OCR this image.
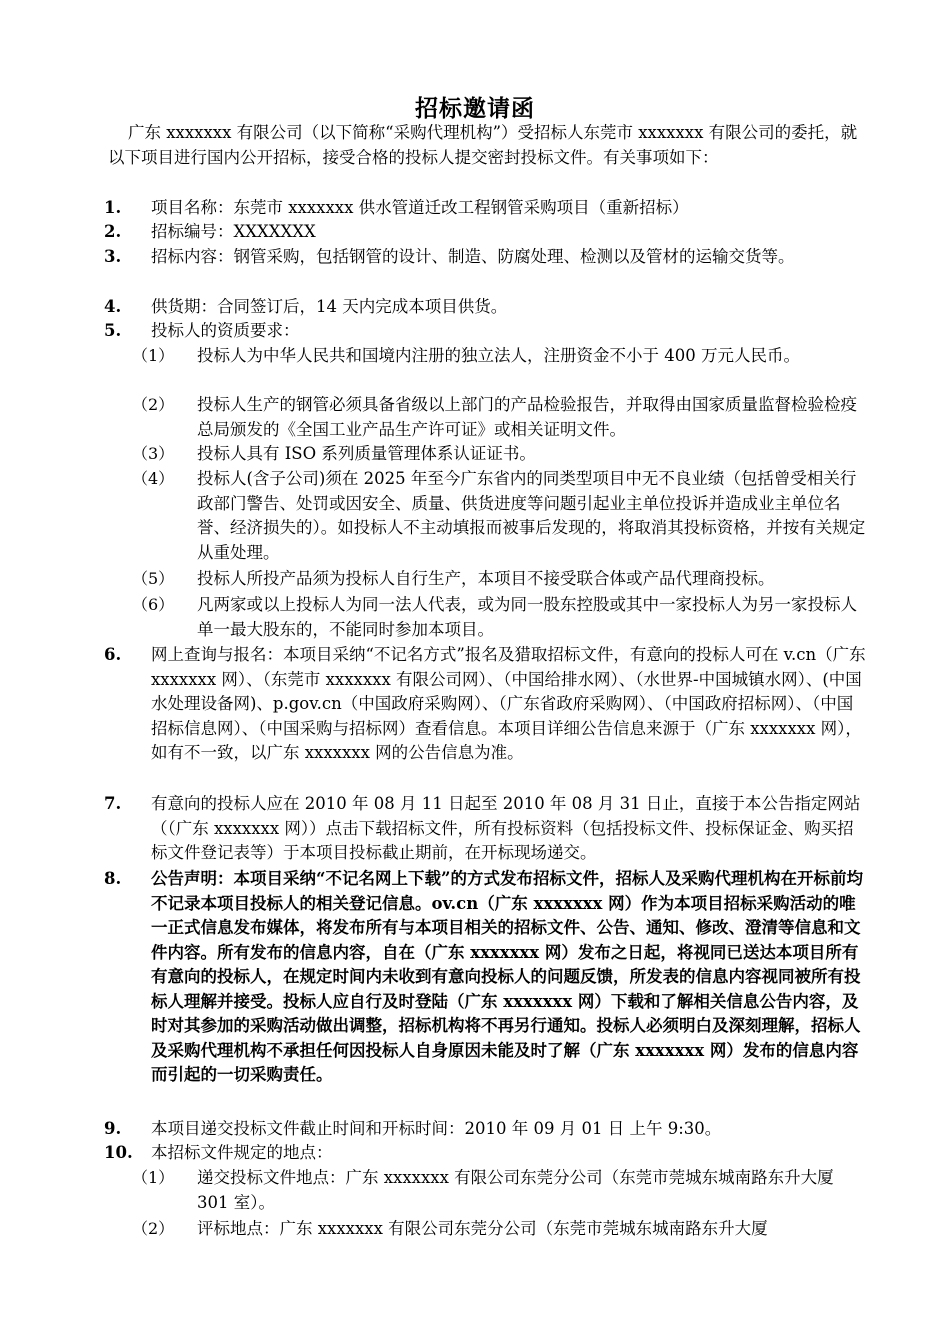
招标邀请函
广东 xxxxxxx 有限公司（以下简称“采购代理机构”）受招标人东莞市 xxxxxxx 有限公司的委托，就以下项目进行国内公开招标，接受合格的投标人提交密封投标文件。有关事项如下：
1.	项目名称：东莞市 xxxxxxx 供水管道迁改工程钢管采购项目（重新招标）
2.	招标编号：XXXXXXX
3.	招标内容：钢管采购，包括钢管的设计、制造、防腐处理、检测以及管材的运输交货等。
4.	供货期：合同签订后，14 天内完成本项目供货。
5.	投标人的资质要求：
（1） 投标人为中华人民共和国境内注册的独立法人，注册资金不小于 400 万元人民币。
（2） 投标人生产的钢管必须具备省级以上部门的产品检验报告，并取得由国家质量监督检验检疫总局颁发的《全国工业产品生产许可证》或相关证明文件。
（3） 投标人具有 ISO 系列质量管理体系认证证书。
（4） 投标人(含子公司)须在 2025 年至今广东省内的同类型项目中无不良业绩（包括曾受相关行政部门警告、处罚或因安全、质量、供货进度等问题引起业主单位投诉并造成业主单位名誉、经济损失的）。如投标人不主动填报而被事后发现的，将取消其投标资格，并按有关规定从重处理。
（5） 投标人所投产品须为投标人自行生产，本项目不接受联合体或产品代理商投标。
（6） 凡两家或以上投标人为同一法人代表，或为同一股东控股或其中一家投标人为另一家投标人单一最大股东的，不能同时参加本项目。
6.	网上查询与报名：本项目采纳“不记名方式”报名及猎取招标文件，有意向的投标人可在 v.cn（广东 xxxxxxx 网）、（东莞市 xxxxxxx 有限公司网）、（中国给排水网）、（水世界-中国城镇水网）、(中国水处理设备网)、p.gov.cn（中国政府采购网）、（广东省政府采购网）、（中国政府招标网）、（中国招标信息网）、（中国采购与招标网）查看信息。本项目详细公告信息来源于（广东 xxxxxxx 网），如有不一致，以广东 xxxxxxx 网的公告信息为准。
7.	有意向的投标人应在 2010 年 08 月 11 日起至 2010 年 08 月 31 日止，直接于本公告指定网站（（广东 xxxxxxx 网））点击下载招标文件，所有投标资料（包括投标文件、投标保证金、购买招标文件登记表等）于本项目投标截止期前，在开标现场递交。
8.	公告声明：本项目采纳“不记名网上下载”的方式发布招标文件，招标人及采购代理机构在开标前均不记录本项目投标人的相关登记信息。ov.cn（广东 xxxxxxx 网）作为本项目招标采购活动的唯一正式信息发布媒体，将发布所有与本项目相关的招标文件、公告、通知、修改、澄清等信息和文件内容。所有发布的信息内容，自在（广东 xxxxxxx 网）发布之日起，将视同已送达本项目所有有意向的投标人，在规定时间内未收到有意向投标人的问题反馈，所发表的信息内容视同被所有投标人理解并接受。投标人应自行及时登陆（广东 xxxxxxx 网）下载和了解相关信息公告内容，及时对其参加的采购活动做出调整，招标机构将不再另行通知。投标人必须明白及深刻理解，招标人及采购代理机构不承担任何因投标人自身原因未能及时了解（广东 xxxxxxx 网）发布的信息内容而引起的一切采购责任。
9.	本项目递交投标文件截止时间和开标时间：2010 年 09 月 01 日 上午 9:30。
10.	本招标文件规定的地点：
（1） 递交投标文件地点：广东 xxxxxxx 有限公司东莞分公司（东莞市莞城东城南路东升大厦 301 室）。
（2） 评标地点：广东 xxxxxxx 有限公司东莞分公司（东莞市莞城东城南路东升大厦
